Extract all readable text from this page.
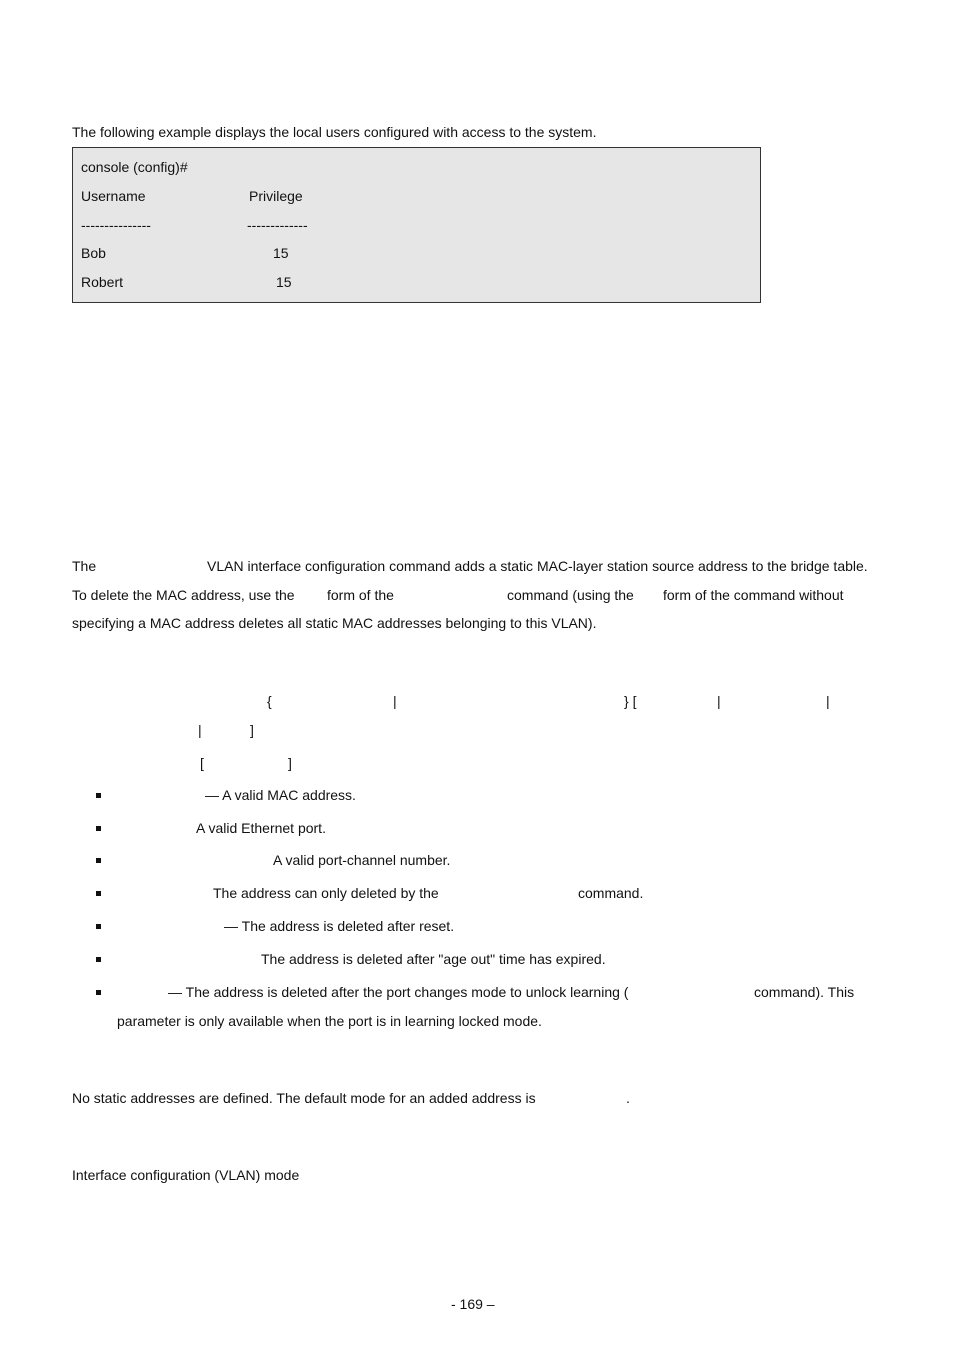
The following example displays the local users configured with access to the system.
console (config)#
Username	Privilege
---------------	-------------
Bob	15
Robert	15
The	VLAN interface configuration command adds a static MAC-layer station source address to the bridge table.
To delete the MAC address, use the form of the	command (using the form of the command without
specifying a MAC address deletes all static MAC addresses belonging to this VLAN).
{	|	} [	|	|
|	]
[	]
— A valid MAC address.
A valid Ethernet port.
A valid port-channel number.
The address can only deleted by the	command.
— The address is deleted after reset.
The address is deleted after "age out" time has expired.
— The address is deleted after the port changes mode to unlock learning (	command). This
parameter is only available when the port is in learning locked mode.
No static addresses are defined. The default mode for an added address is	.
Interface configuration (VLAN) mode
- 169 –
